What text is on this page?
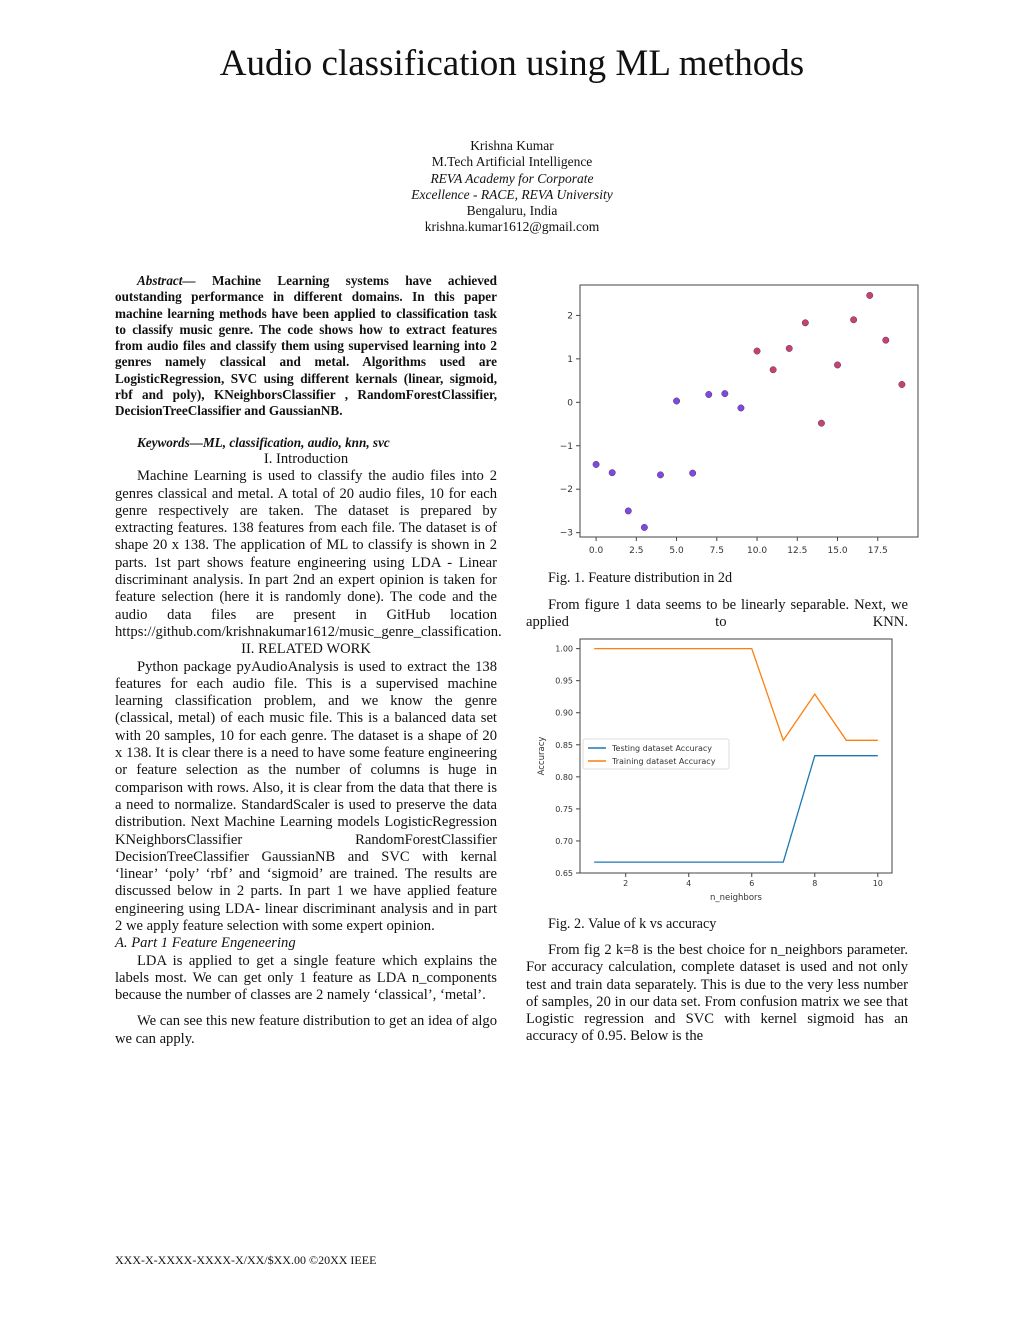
Audio classification using ML methods
Krishna Kumar
M.Tech Artificial Intelligence
REVA Academy for Corporate
Excellence - RACE, REVA University
Bengaluru, India
krishna.kumar1612@gmail.com

Abstract— Machine Learning systems have achieved outstanding performance in different domains. In this paper machine learning methods have been applied to classification task to classify music genre. The code shows how to extract features from audio files and classify them using supervised learning into 2 genres namely classical and metal. Algorithms used are LogisticRegression, SVC using different kernals (linear, sigmoid, rbf and poly), KNeighborsClassifier , RandomForestClassifier, DecisionTreeClassifier and GaussianNB.

Keywords—ML, classification, audio, knn, svc

I. Introduction

Machine Learning is used to classify the audio files into 2 genres classical and metal. A total of 20 audio files, 10 for each genre respectively are taken. The dataset is prepared by extracting features. 138 features from each file. The dataset is of shape 20 x 138. The application of ML to classify is shown in 2 parts. 1st part shows feature engineering using LDA - Linear discriminant analysis. In part 2nd an expert opinion is taken for feature selection (here it is randomly done). The code and the audio data files are present in GitHub location https://github.com/krishnakumar1612/music_genre_classification.

II. RELATED WORK

Python package pyAudioAnalysis is used to extract the 138 features for each audio file. This is a supervised machine learning classification problem, and we know the genre (classical, metal) of each music file. This is a balanced data set with 20 samples, 10 for each genre. The dataset is a shape of 20 x 138. It is clear there is a need to have some feature engineering or feature selection as the number of columns is huge in comparison with rows. Also, it is clear from the data that there is a need to normalize. StandardScaler is used to preserve the data distribution. Next Machine Learning models LogisticRegression KNeighborsClassifier RandomForestClassifier DecisionTreeClassifier GaussianNB and SVC with kernal ‘linear’ ‘poly’ ‘rbf’ and ‘sigmoid’ are trained. The results are discussed below in 2 parts. In part 1 we have applied feature engineering using LDA- linear discriminant analysis and in part 2 we apply feature selection with some expert opinion.

A. Part 1 Feature Engeneering

LDA is applied to get a single feature which explains the labels most. We can get only 1 feature as LDA n_components because the number of classes are 2 namely ‘classical’, ‘metal’.

We can see this new feature distribution to get an idea of algo we can apply.

0.0	2.5	5.0	7.5	10.0 12.5 15.0 17.5
−3
−2
−1
0
1
2
Fig. 1. Feature distribution in 2d

From figure 1 data seems to be linearly separable. Next, we applied to KNN.

2	4	6	8	10
0.65
0.70
0.75
0.80
0.85
0.90
0.95
1.00
n_neighbors
Accuracy	Testing dataset Accuracy
Training dataset Accuracy
Fig. 2. Value of k vs accuracy

From fig 2 k=8 is the best choice for n_neighbors parameter. For accuracy calculation, complete dataset is used and not only test and train data separately. This is due to the very less number of samples, 20 in our data set. From confusion matrix we see that Logistic regression and SVC with kernel sigmoid has an accuracy of 0.95. Below is the

XXX-X-XXXX-XXXX-X/XX/$XX.00 ©20XX IEEE
